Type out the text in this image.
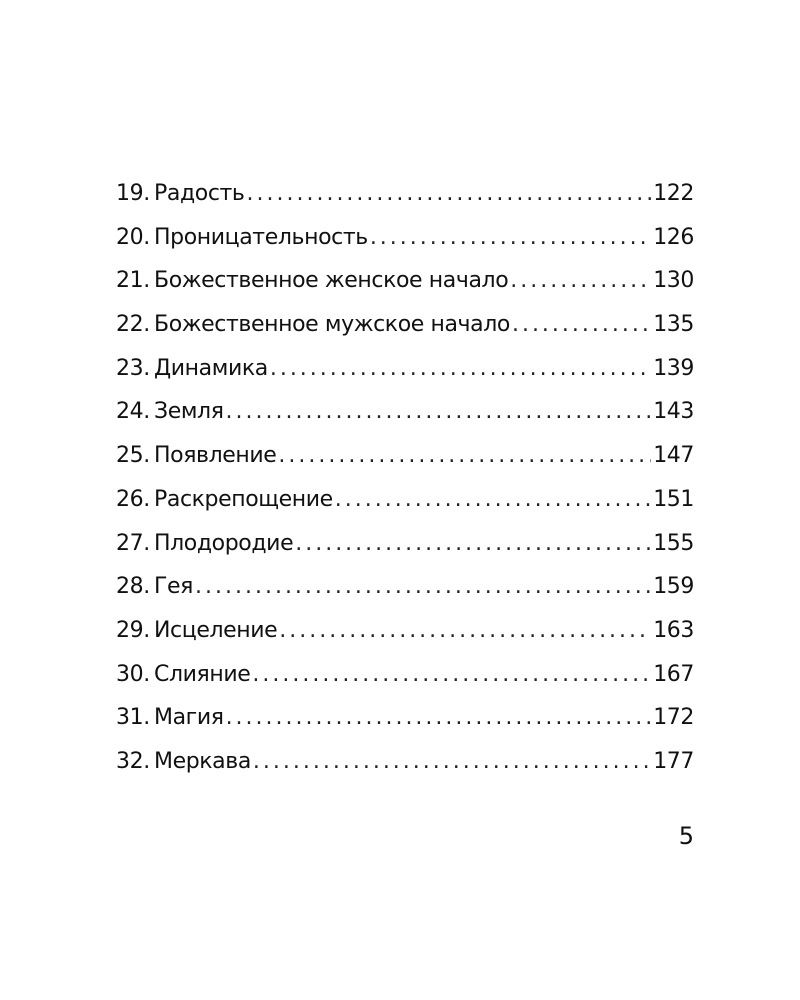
19. Радость .....	122
20. Проницательность .....	126
21. Божественное женское начало .....	130
22. Божественное мужское начало .....	135
23. Динамика .....	139
24. Земля .....	143
25. Появление .....	147
26. Раскрепощение .....	151
27. Плодородие .....	155
28. Гея .....	159
29. Исцеление .....	163
30. Слияние .....	167
31. Магия .....	172
32. Меркава .....	177
5
